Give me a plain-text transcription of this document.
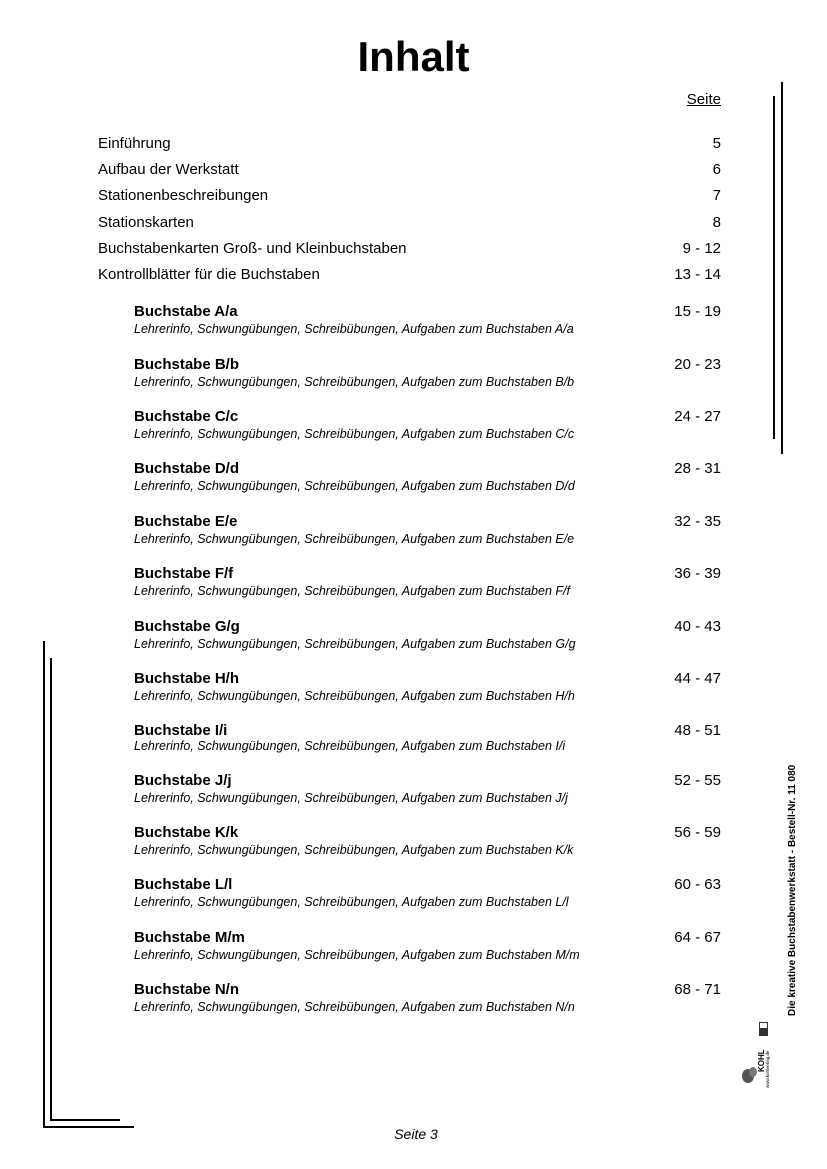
Inhalt
Seite
Einführung	5
Aufbau der Werkstatt	6
Stationenbeschreibungen	7
Stationskarten	8
Buchstabenkarten Groß- und Kleinbuchstaben	9 - 12
Kontrollblätter für die Buchstaben	13 - 14
Buchstabe A/a	15 - 19
Lehrerinfo, Schwungübungen, Schreibübungen, Aufgaben zum Buchstaben A/a
Buchstabe B/b	20 - 23
Lehrerinfo, Schwungübungen, Schreibübungen, Aufgaben zum Buchstaben B/b
Buchstabe C/c	24 - 27
Lehrerinfo, Schwungübungen, Schreibübungen, Aufgaben zum Buchstaben C/c
Buchstabe D/d	28 - 31
Lehrerinfo, Schwungübungen, Schreibübungen, Aufgaben zum Buchstaben D/d
Buchstabe E/e	32 - 35
Lehrerinfo, Schwungübungen, Schreibübungen, Aufgaben zum Buchstaben E/e
Buchstabe F/f	36 - 39
Lehrerinfo, Schwungübungen, Schreibübungen, Aufgaben zum Buchstaben F/f
Buchstabe G/g	40 - 43
Lehrerinfo, Schwungübungen, Schreibübungen, Aufgaben zum Buchstaben G/g
Buchstabe H/h	44 - 47
Lehrerinfo, Schwungübungen, Schreibübungen, Aufgaben zum Buchstaben H/h
Buchstabe I/i	48 - 51
Lehrerinfo, Schwungübungen, Schreibübungen, Aufgaben zum Buchstaben I/i
Buchstabe J/j	52 - 55
Lehrerinfo, Schwungübungen, Schreibübungen, Aufgaben zum Buchstaben J/j
Buchstabe K/k	56 - 59
Lehrerinfo, Schwungübungen, Schreibübungen, Aufgaben zum Buchstaben K/k
Buchstabe L/l	60 - 63
Lehrerinfo, Schwungübungen, Schreibübungen, Aufgaben zum Buchstaben L/l
Buchstabe M/m	64 - 67
Lehrerinfo, Schwungübungen, Schreibübungen, Aufgaben zum Buchstaben M/m
Buchstabe N/n	68 - 71
Lehrerinfo, Schwungübungen, Schreibübungen, Aufgaben zum Buchstaben N/n	Die kreative Buchstabenwerkstatt - Bestell-Nr. 11 080
KOHL www.kohlverlag.de
Seite 3
